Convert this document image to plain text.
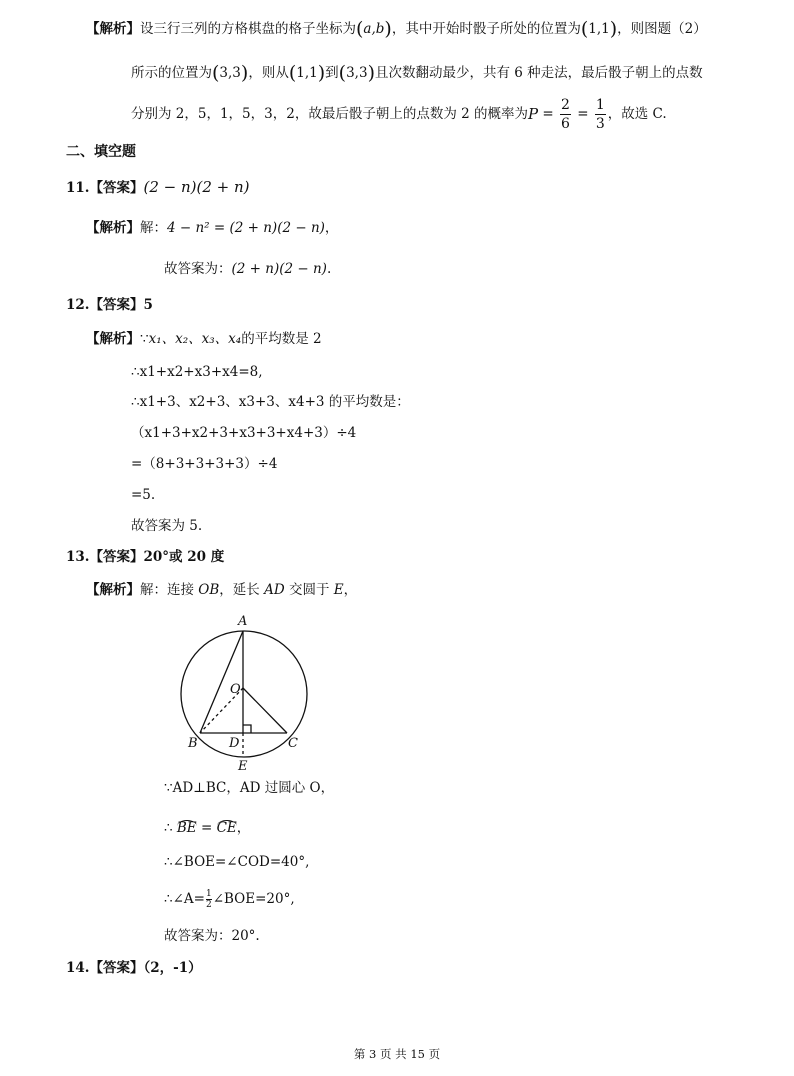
【解析】设三行三列的方格棋盘的格子坐标为(a,b)，其中开始时骰子所处的位置为(1,1)，则图题（2）
所示的位置为(3,3)，则从(1,1)到(3,3)且次数翻动最少，共有 6 种走法，最后骰子朝上的点数
分别为 2，5，1，5，3，2，故最后骰子朝上的点数为 2 的概率为$P = \frac{2}{6} = \frac{1}{3}$ ，故选 C.
二、填空题
11.【答案】(2 − n)(2 + n)
【解析】解：4 − n² = (2 + n)(2 − n)，
故答案为：(2 + n)(2 − n).
12.【答案】5
【解析】∵x₁、x₂、x₃、x₄的平均数是 2
∴x1+x2+x3+x4=8,
∴x1+3、x2+3、x3+3、x4+3 的平均数是：
（x1+3+x2+3+x3+3+x4+3）÷4
=（8+3+3+3+3）÷4
=5.
故答案为 5.
13.【答案】20°或 20 度
【解析】解：连接 OB，延长 AD 交圆于 E，
A
O
B D	C
E
∵AD⊥BC，AD 过圆心 O，
∴ BE = CE，
∴∠BOE=∠COD=40°,
∴∠A= $\frac{1}{2}$ ∠BOE=20°,
故答案为：20°.
14.【答案】（2，-1）
第 3 页 共 15 页
